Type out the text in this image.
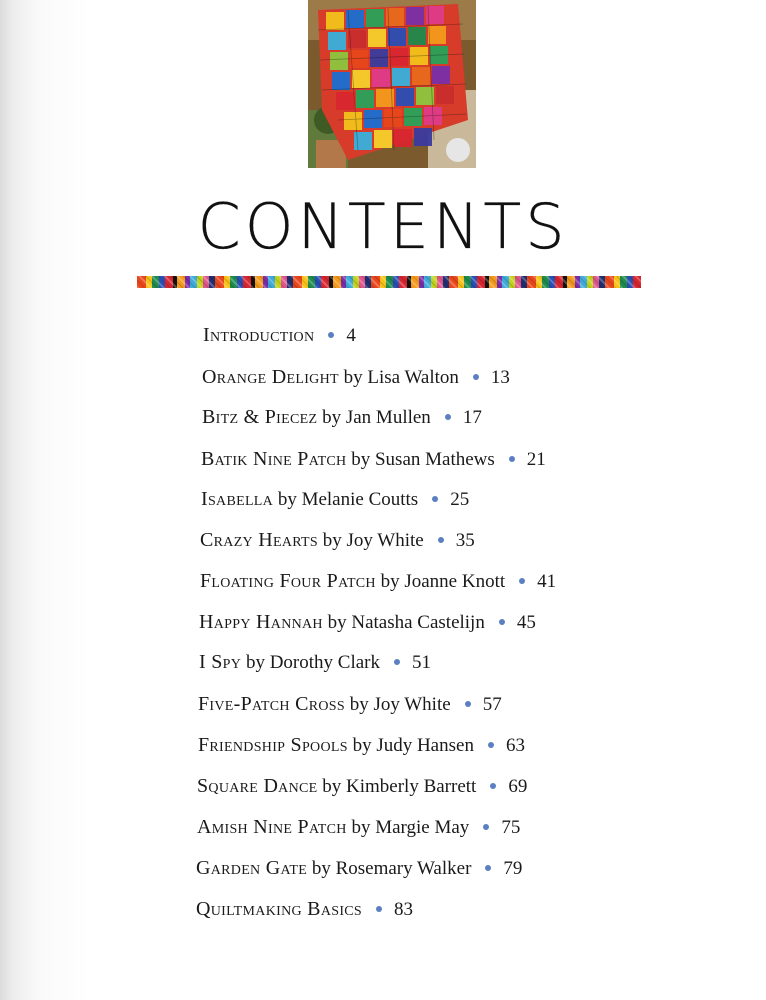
CONTENTS
Introduction 4
Orange Delight by Lisa Walton 13
Bitz & Piecez by Jan Mullen 17
Batik Nine Patch by Susan Mathews 21
Isabella by Melanie Coutts 25
Crazy Hearts by Joy White 35
Floating Four Patch by Joanne Knott 41
Happy Hannah by Natasha Castelijn 45
I Spy by Dorothy Clark 51
Five-Patch Cross by Joy White 57
Friendship Spools by Judy Hansen 63
Square Dance by Kimberly Barrett 69
Amish Nine Patch by Margie May 75
Garden Gate by Rosemary Walker 79
Quiltmaking Basics 83
